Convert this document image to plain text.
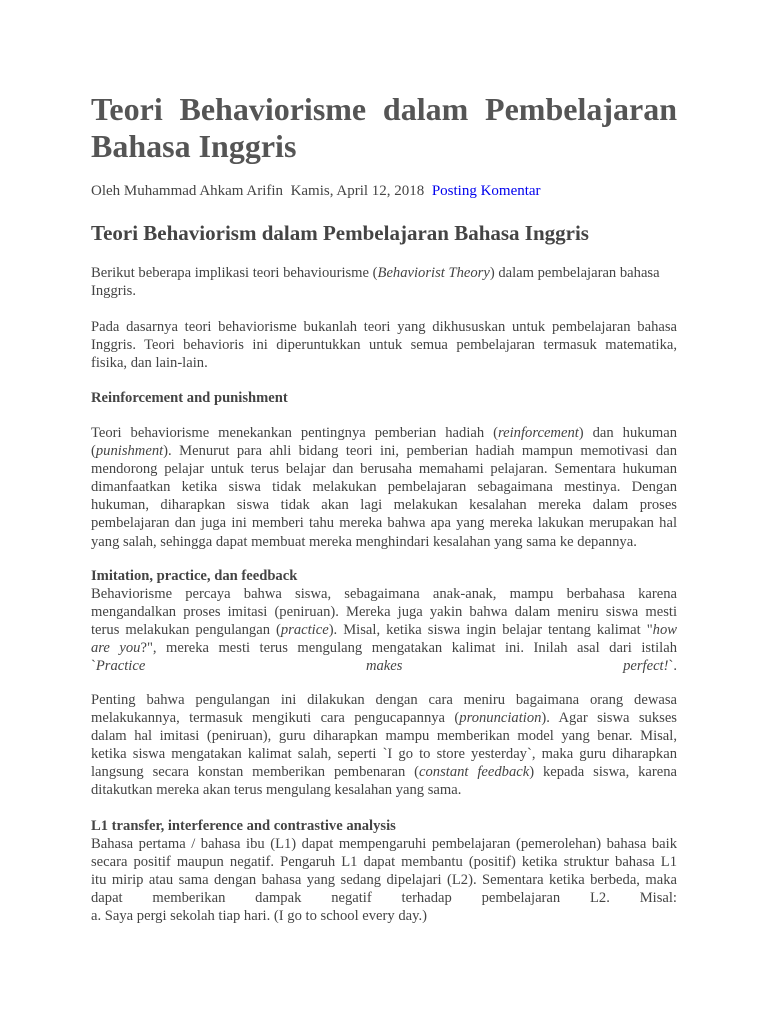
Teori Behaviorisme dalam Pembelajaran
Bahasa Inggris
Oleh Muhammad Ahkam Arifin Kamis, April 12, 2018 Posting Komentar
Teori Behaviorism dalam Pembelajaran Bahasa Inggris
Berikut beberapa implikasi teori behaviourisme (Behaviorist Theory) dalam pembelajaran bahasa
Inggris.
Pada dasarnya teori behaviorisme bukanlah teori yang dikhususkan untuk pembelajaran bahasa
Inggris. Teori behavioris ini diperuntukkan untuk semua pembelajaran termasuk matematika,
fisika, dan lain-lain.
Reinforcement and punishment
Teori behaviorisme menekankan pentingnya pemberian hadiah (reinforcement) dan hukuman
(punishment). Menurut para ahli bidang teori ini, pemberian hadiah mampun memotivasi dan
mendorong pelajar untuk terus belajar dan berusaha memahami pelajaran. Sementara hukuman
dimanfaatkan ketika siswa tidak melakukan pembelajaran sebagaimana mestinya. Dengan
hukuman, diharapkan siswa tidak akan lagi melakukan kesalahan mereka dalam proses
pembelajaran dan juga ini memberi tahu mereka bahwa apa yang mereka lakukan merupakan hal
yang salah, sehingga dapat membuat mereka menghindari kesalahan yang sama ke depannya.
Imitation, practice, dan feedback
Behaviorisme percaya bahwa siswa, sebagaimana anak-anak, mampu berbahasa karena
mengandalkan proses imitasi (peniruan). Mereka juga yakin bahwa dalam meniru siswa mesti
terus melakukan pengulangan (practice). Misal, ketika siswa ingin belajar tentang kalimat "how
are you?", mereka mesti terus mengulang mengatakan kalimat ini. Inilah asal dari istilah
`Practice	makes	perfect!`.
Penting bahwa pengulangan ini dilakukan dengan cara meniru bagaimana orang dewasa
melakukannya, termasuk mengikuti cara pengucapannya (pronunciation). Agar siswa sukses
dalam hal imitasi (peniruan), guru diharapkan mampu memberikan model yang benar. Misal,
ketika siswa mengatakan kalimat salah, seperti `I go to store yesterday`, maka guru diharapkan
langsung secara konstan memberikan pembenaran (constant feedback) kepada siswa, karena
ditakutkan mereka akan terus mengulang kesalahan yang sama.
L1 transfer, interference and contrastive analysis
Bahasa pertama / bahasa ibu (L1) dapat mempengaruhi pembelajaran (pemerolehan) bahasa baik
secara positif maupun negatif. Pengaruh L1 dapat membantu (positif) ketika struktur bahasa L1
itu mirip atau sama dengan bahasa yang sedang dipelajari (L2). Sementara ketika berbeda, maka
dapat memberikan dampak negatif terhadap pembelajaran L2. Misal:
a. Saya pergi sekolah tiap hari. (I go to school every day.)
